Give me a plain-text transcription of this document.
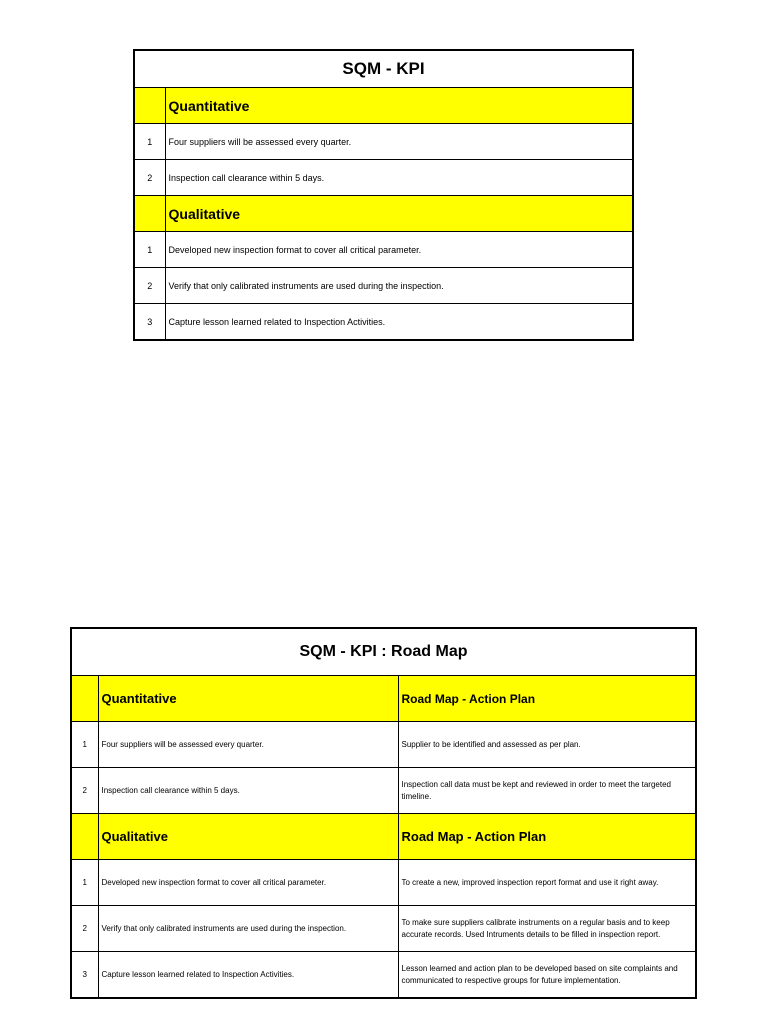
SQM - KPI	
	Quantitative
1	Four suppliers will be assessed every quarter.
2	Inspection call clearance within 5 days.
	Qualitative
1	Developed new inspection format to cover all critical parameter.
2	Verify that only calibrated instruments are used during the inspection.
3	Capture lesson learned related to Inspection Activities.
SQM - KPI : Road Map		
	Quantitative	Road Map - Action Plan
1	Four suppliers will be assessed every quarter.	Supplier to be identified and assessed as per plan.
2	Inspection call clearance within 5 days.	Inspection call data must be kept and reviewed in order to meet the targeted timeline.
	Qualitative	Road Map - Action Plan
1	Developed new inspection format to cover all critical parameter.	To create a new, improved inspection report format and use it right away.
2	Verify that only calibrated instruments are used during the inspection.	To make sure suppliers calibrate instruments on a regular basis and to keep accurate records. Used Intruments details to be filled in inspection report.
3	Capture lesson learned related to Inspection Activities.	Lesson learned and action plan to be developed based on site complaints and communicated to respective groups for future implementation.
